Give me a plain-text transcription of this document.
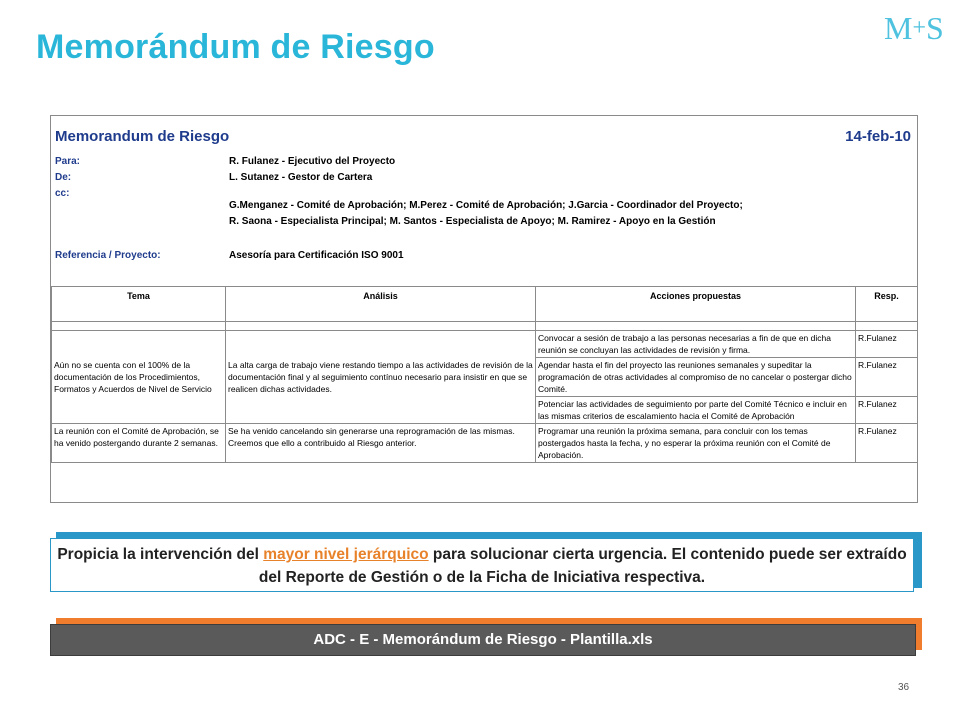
Memorándum de Riesgo	M+S
Memorandum de Riesgo	14-feb-10
Para:	R. Fulanez - Ejecutivo del Proyecto
De:	L. Sutanez - Gestor de Cartera
cc:
G.Menganez - Comité de Aprobación; M.Perez - Comité de Aprobación; J.Garcia - Coordinador del Proyecto;
R. Saona - Especialista Principal; M. Santos - Especialista de Apoyo; M. Ramirez - Apoyo en la Gestión
Referencia / Proyecto:	Asesoría para Certificación ISO 9001
Tema	Análisis	Acciones propuestas	Resp.

Aún no se cuenta con el 100% de la documentación de los Procedimientos, Formatos y Acuerdos de Nivel de Servicio	La alta carga de trabajo viene restando tiempo a las actividades de revisión de la documentación final y al seguimiento contínuo necesario para insistir en que se realicen dichas actividades.	Convocar a sesión de trabajo a las personas necesarias a fin de que en dicha reunión se concluyan las actividades de revisión y firma.	R.Fulanez
		Agendar hasta el fin del proyecto las reuniones semanales y supeditar la programación de otras actividades al compromiso de no cancelar o postergar dicho Comité.	R.Fulanez
		Potenciar las actividades de seguimiento por parte del Comité Técnico e incluir en las mismas criterios de escalamiento hacia el Comité de Aprobación	R.Fulanez
La reunión con el Comité de Aprobación, se ha venido postergando durante 2 semanas.	Se ha venido cancelando sin generarse una reprogramación de las mismas. Creemos que ello a contribuido al Riesgo anterior.	Programar una reunión la próxima semana, para concluir con los temas postergados hasta la fecha, y no esperar la próxima reunión con el Comité de Aprobación.	R.Fulanez
Propicia la intervención del mayor nivel jerárquico para solucionar cierta urgencia. El contenido puede ser extraído del Reporte de Gestión o de la Ficha de Iniciativa respectiva.
ADC - E - Memorándum de Riesgo - Plantilla.xls
36
